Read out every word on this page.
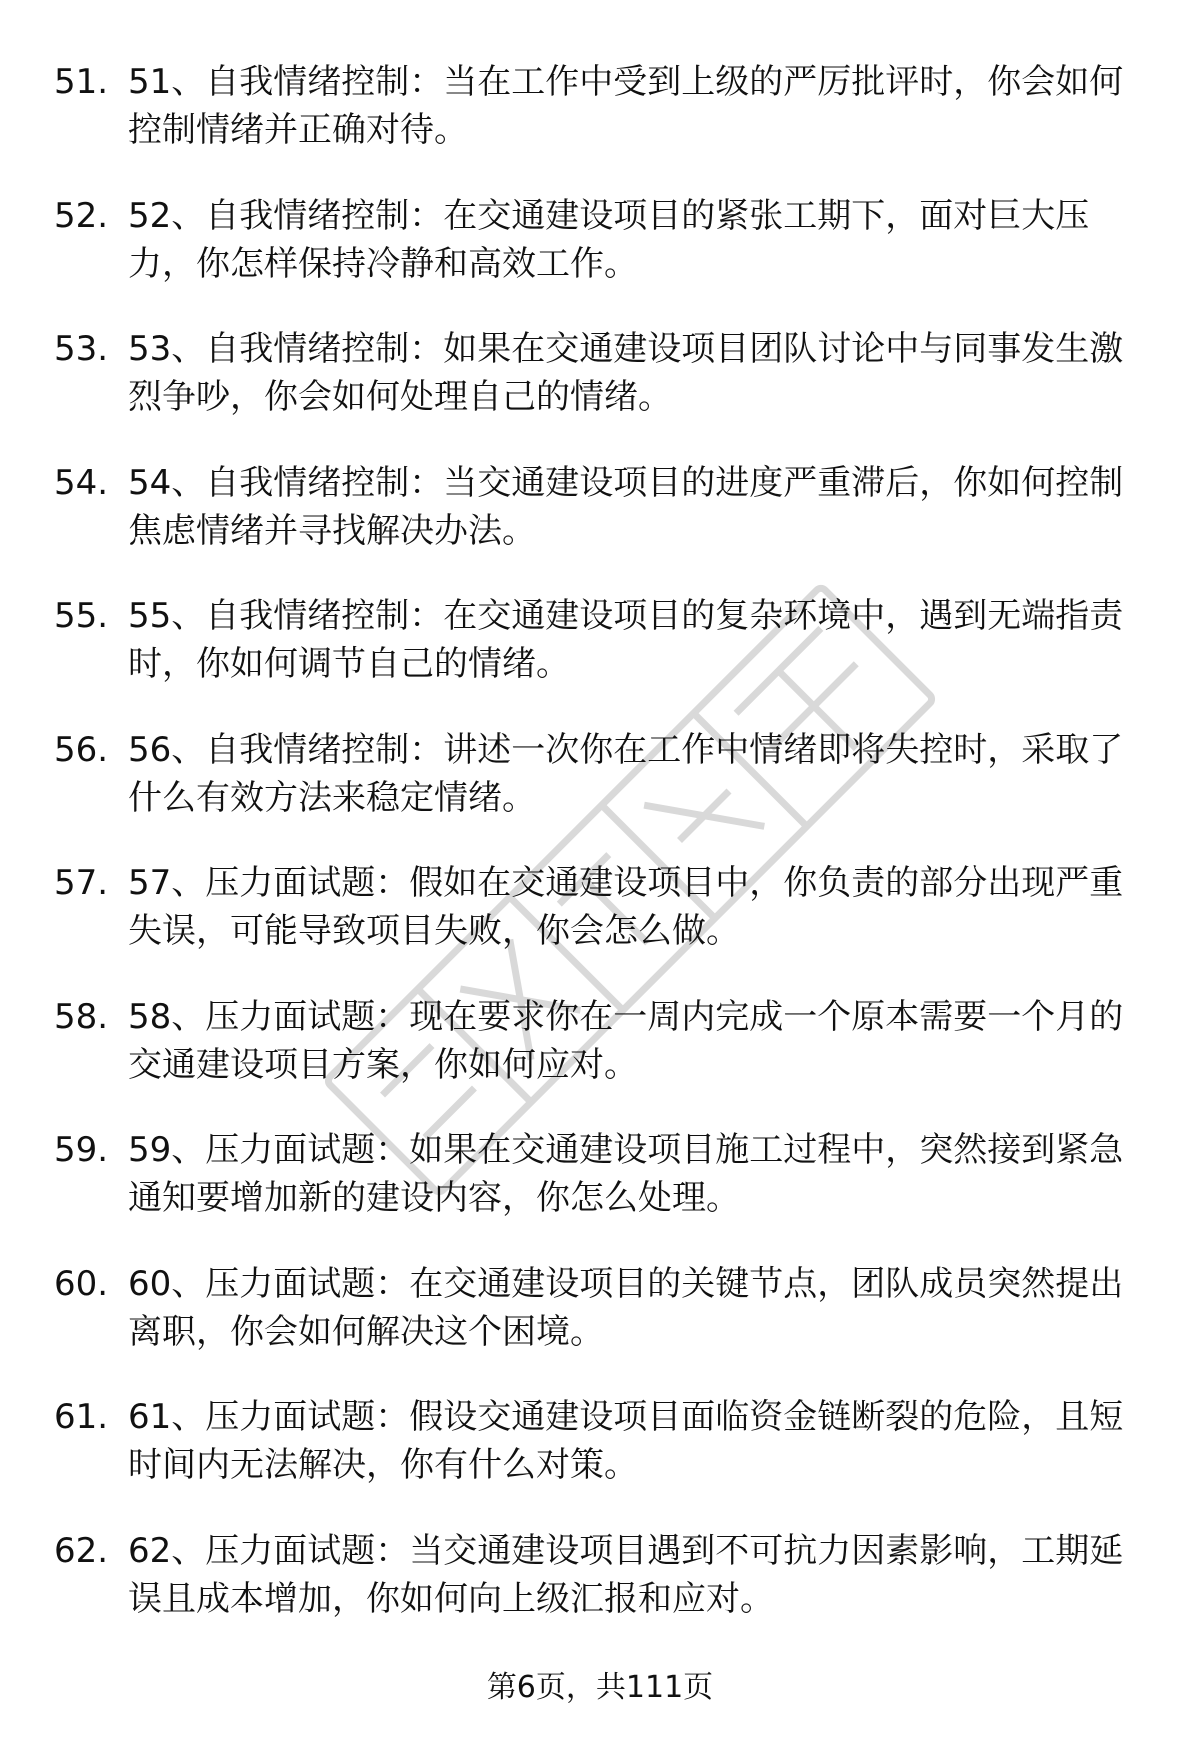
51. 51、自我情绪控制：当在工作中受到上级的严厉批评时，你会如何控制情绪并正确对待。

52. 52、自我情绪控制：在交通建设项目的紧张工期下，面对巨大压力，你怎样保持冷静和高效工作。

53. 53、自我情绪控制：如果在交通建设项目团队讨论中与同事发生激烈争吵，你会如何处理自己的情绪。

54. 54、自我情绪控制：当交通建设项目的进度严重滞后，你如何控制焦虑情绪并寻找解决办法。

55. 55、自我情绪控制：在交通建设项目的复杂环境中，遇到无端指责时，你如何调节自己的情绪。

56. 56、自我情绪控制：讲述一次你在工作中情绪即将失控时，采取了什么有效方法来稳定情绪。

57. 57、压力面试题：假如在交通建设项目中，你负责的部分出现严重失误，可能导致项目失败，你会怎么做。

58. 58、压力面试题：现在要求你在一周内完成一个原本需要一个月的交通建设项目方案，你如何应对。

59. 59、压力面试题：如果在交通建设项目施工过程中，突然接到紧急通知要增加新的建设内容，你怎么处理。

60. 60、压力面试题：在交通建设项目的关键节点，团队成员突然提出离职，你会如何解决这个困境。

61. 61、压力面试题：假设交通建设项目面临资金链断裂的危险，且短时间内无法解决，你有什么对策。

62. 62、压力面试题：当交通建设项目遇到不可抗力因素影响，工期延误且成本增加，你如何向上级汇报和应对。

第6页，共111页
